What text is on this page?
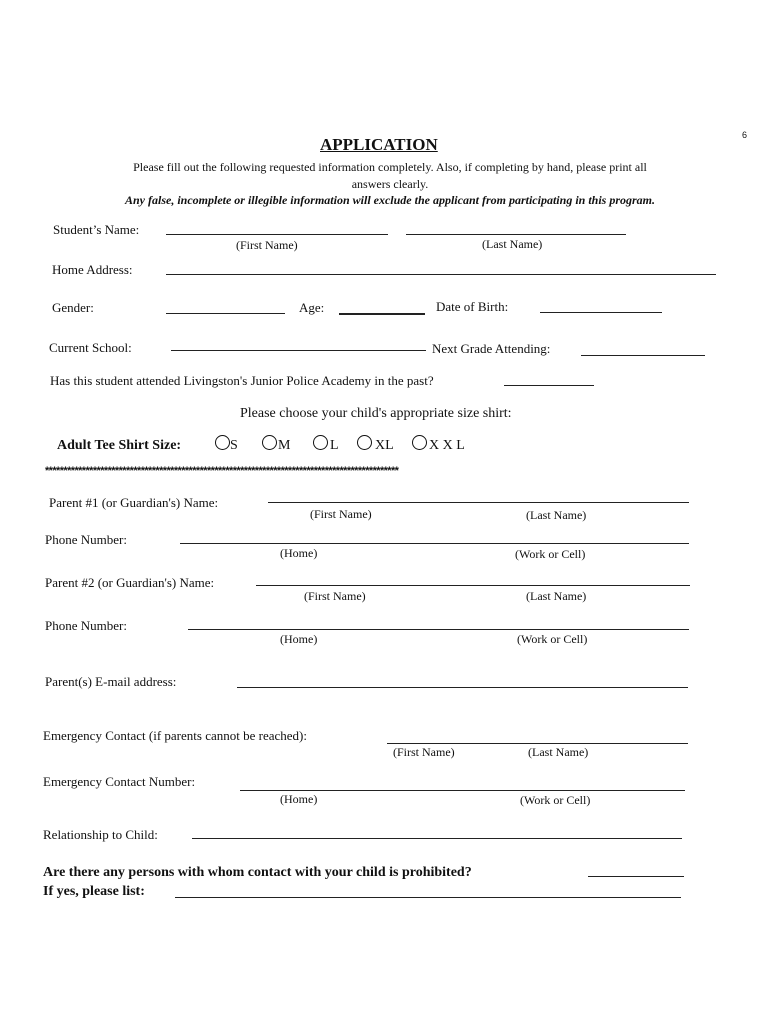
6
APPLICATION
Please fill out the following requested information completely. Also, if completing by hand, please print all
answers clearly.
Any false, incomplete or illegible information will exclude the applicant from participating in this program.
Student’s Name:
(First Name)	(Last Name)
Home Address:
Gender:	Age:	Date of Birth:
Current School:	Next Grade Attending:
Has this student attended Livingston's Junior Police Academy in the past?
Please choose your child's appropriate size shirt:
Adult Tee Shirt Size:	S	M	L	XL	X X L
************************************************************************************************
Parent #1 (or Guardian's) Name:
(First Name)	(Last Name)
Phone Number:
(Home)	(Work or Cell)
Parent #2 (or Guardian's) Name:
(First Name)	(Last Name)
Phone Number:
(Home)	(Work or Cell)
Parent(s) E-mail address:
Emergency Contact (if parents cannot be reached):
(First Name)	(Last Name)
Emergency Contact Number:
(Home)	(Work or Cell)
Relationship to Child:
Are there any persons with whom contact with your child is prohibited?
If yes, please list:
